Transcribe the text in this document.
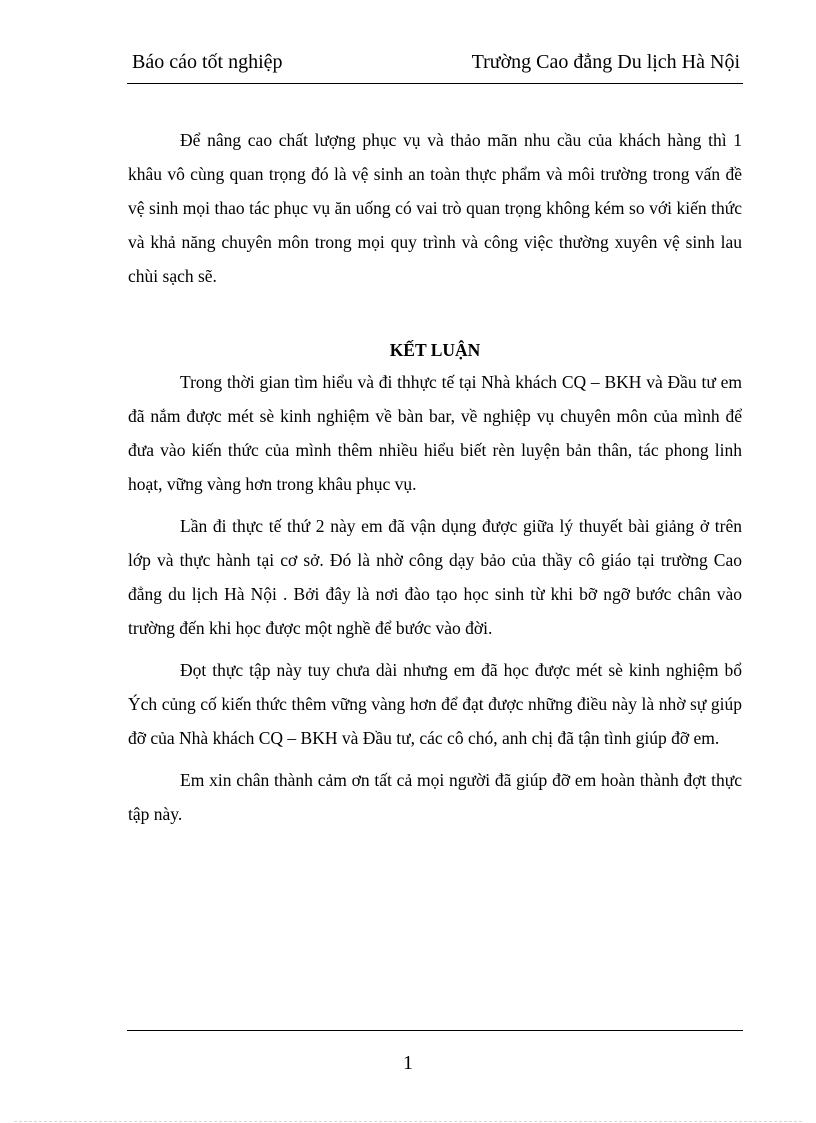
Báo cáo tốt nghiệp	Trường Cao đẳng Du lịch Hà Nội

Để nâng cao chất lượng phục vụ và thảo mãn nhu cầu của khách hàng thì 1 khâu vô cùng quan trọng đó là vệ sinh an toàn thực phẩm và môi trường trong vấn đề vệ sinh mọi thao tác phục vụ ăn uống có vai trò quan trọng không kém so với kiến thức và khả năng chuyên môn trong mọi quy trình và công việc thường xuyên vệ sinh lau chùi sạch sẽ.

KẾT LUẬN

Trong thời gian tìm hiểu và đi thhực tế tại Nhà khách CQ – BKH và Đầu tư em đã nắm được mét sè kinh nghiệm về bàn bar, về nghiệp vụ chuyên môn của mình để đưa vào kiến thức của mình thêm nhiều hiểu biết rèn luyện bản thân, tác phong linh hoạt, vững vàng hơn trong khâu phục vụ.

Lần đi thực tế thứ 2 này em đã vận dụng được giữa lý thuyết bài giảng ở trên lớp và thực hành tại cơ sở. Đó là nhờ công dạy bảo của thầy cô giáo tại trường Cao đẳng du lịch Hà Nội . Bởi đây là nơi đào tạo học sinh từ khi bỡ ngỡ bước chân vào trường đến khi học được một nghề để bước vào đời.

Đọt thực tập này tuy chưa dài nhưng em đã học được mét sè kinh nghiệm bổ Ých củng cố kiến thức thêm vững vàng hơn để đạt được những điều này là nhờ sự giúp đỡ của Nhà khách CQ – BKH và Đầu tư, các cô chó, anh chị đã tận tình giúp đỡ em.

Em xin chân thành cảm ơn tất cả mọi người đã giúp đỡ em hoàn thành đợt thực tập này.

1
